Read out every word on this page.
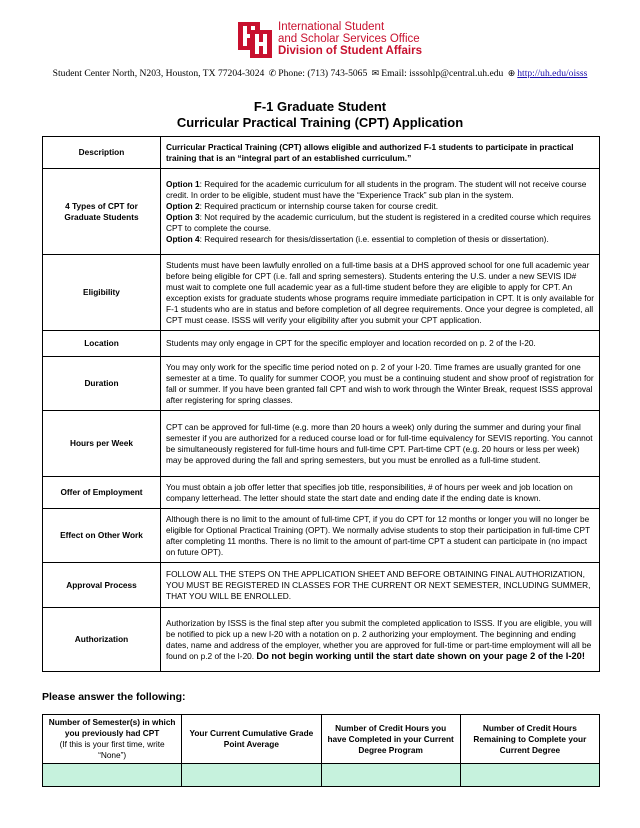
International Student
and Scholar Services Office
Division of Student Affairs
Student Center North, N203, Houston, TX 77204-3024 ✆ Phone: (713) 743-5065 ✉ Email: isssohlp@central.uh.edu ⊕ http://uh.edu/oisss
F-1 Graduate Student
Curricular Practical Training (CPT) Application
Description	Curricular Practical Training (CPT) allows eligible and authorized F-1 students to participate in practical training that is an “integral part of an established curriculum.”
4 Types of CPT for Graduate Students	Option 1: Required for the academic curriculum for all students in the program. The student will not receive course credit. In order to be eligible, student must have the “Experience Track” sub plan in the system.
Option 2: Required practicum or internship course taken for course credit.
Option 3: Not required by the academic curriculum, but the student is registered in a credited course which requires CPT to complete the course.
Option 4: Required research for thesis/dissertation (i.e. essential to completion of thesis or dissertation).

Eligibility	Students must have been lawfully enrolled on a full-time basis at a DHS approved school for one full academic year before being eligible for CPT (i.e. fall and spring semesters). Students entering the U.S. under a new SEVIS ID# must wait to complete one full academic year as a full-time student before they are eligible to apply for CPT. An exception exists for graduate students whose programs require immediate participation in CPT. It is only available for F-1 students who are in status and before completion of all degree requirements. Once your degree is completed, all CPT must cease. ISSS will verify your eligibility after you submit your CPT application.
Location	Students may only engage in CPT for the specific employer and location recorded on p. 2 of the I-20.
Duration	You may only work for the specific time period noted on p. 2 of your I-20. Time frames are usually granted for one semester at a time. To qualify for summer COOP, you must be a continuing student and show proof of registration for fall or summer. If you have been granted fall CPT and wish to work through the Winter Break, request ISSS approval after registering for spring classes.
Hours per Week	CPT can be approved for full-time (e.g. more than 20 hours a week) only during the summer and during your final semester if you are authorized for a reduced course load or for full-time equivalency for SEVIS reporting. You cannot be simultaneously registered for full-time hours and full-time CPT. Part-time CPT (e.g. 20 hours or less per week) may be approved during the fall and spring semesters, but you must be enrolled as a full-time student.
Offer of Employment	You must obtain a job offer letter that specifies job title, responsibilities, # of hours per week and job location on company letterhead. The letter should state the start date and ending date if the ending date is known.
Effect on Other Work	Although there is no limit to the amount of full-time CPT, if you do CPT for 12 months or longer you will no longer be eligible for Optional Practical Training (OPT). We normally advise students to stop their participation in full-time CPT after completing 11 months. There is no limit to the amount of part-time CPT a student can participate in (no impact on future OPT).
Approval Process	FOLLOW ALL THE STEPS ON THE APPLICATION SHEET AND BEFORE OBTAINING FINAL AUTHORIZATION, YOU MUST BE REGISTERED IN CLASSES FOR THE CURRENT OR NEXT SEMESTER, INCLUDING SUMMER, THAT YOU WILL BE ENROLLED.
Authorization	Authorization by ISSS is the final step after you submit the completed application to ISSS. If you are eligible, you will be notified to pick up a new I-20 with a notation on p. 2 authorizing your employment. The beginning and ending dates, name and address of the employer, whether you are approved for full-time or part-time employment will all be found on p.2 of the I-20. Do not begin working until the start date shown on your page 2 of the I-20!
Please answer the following:
Number of Semester(s) in which you previously had CPT
(If this is your first time, write “None”)	Your Current Cumulative Grade Point Average	Number of Credit Hours you have Completed in your Current Degree Program	Number of Credit Hours Remaining to Complete your Current Degree
